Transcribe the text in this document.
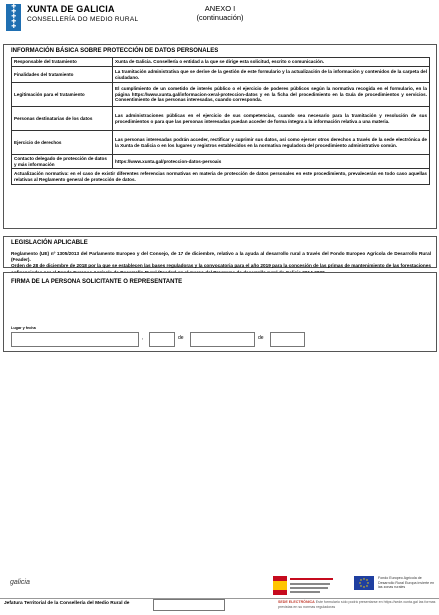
✚
✚
✚
✚
✚
XUNTA DE GALICIA
CONSELLERÍA DO MEDIO RURAL
ANEXO I
(continuación)
INFORMACIÓN BÁSICA SOBRE PROTECCIÓN DE DATOS PERSONALES
Responsable del tratamiento	Xunta de Galicia. Consellería o entidad a la que se dirige esta solicitud, escrito o comunicación.
Finalidades del tratamiento	La tramitación administrativa que se derive de la gestión de este formulario y la actualización de la información y contenidos de la carpeta del ciudadano.
Legitimación para el tratamiento	El cumplimiento de un cometido de interés público o el ejercicio de poderes públicos según la normativa recogida en el formulario, en la página https://www.xunta.gal/informacion-xeral-proteccion-datos y en la ficha del procedimiento en la Guía de procedimientos y servicios. Consentimiento de las personas interesadas, cuando corresponda.
Personas destinatarias de los datos	Las administraciones públicas en el ejercicio de sus competencias, cuando sea necesario para la tramitación y resolución de sus procedimientos o para que las personas interesadas puedan acceder de forma íntegra a la información relativa a una materia.
Ejercicio de derechos	Las personas interesadas podrán acceder, rectificar y suprimir sus datos, así como ejercer otros derechos a través de la sede electrónica de la Xunta de Galicia o en los lugares y registros establecidos en la normativa reguladora del procedimiento administrativo común.
Contacto delegado de protección de datos y más información	https://www.xunta.gal/proteccion-datos-persoais
Actualización normativa: en el caso de existir diferentes referencias normativas en materia de protección de datos personales en este procedimiento, prevalecerán en todo caso aquellas relativas al Reglamento general de protección de datos.	
LEGISLACIÓN APLICABLE
Reglamento (UE) nº 1305/2013 del Parlamento Europeo y del Consejo, de 17 de diciembre, relativo a la ayuda al desarrollo rural a través del Fondo Europeo Agrícola de Desarrollo Rural (Feader).
Orden de 28 de diciembre de 2018 por la que se establecen las bases reguladoras y la convocatoria para el año 2019 para la concesión de las primas de mantenimiento de las forestaciones
FIRMA DE LA PERSONA SOLICITANTE O REPRESENTANTE
Lugar y fecha
,	de	de
galicia
Fondo Europeo Agrícola de Desarrollo Rural Europa invierte en las zonas rurales
Jefatura Territorial de la Consellería del Medio Rural de	SEDE ELECTRÓNICA Este formulario sólo podrá presentarse en https://sede.xunta.gal las formas previstas en su normas reguladoras
